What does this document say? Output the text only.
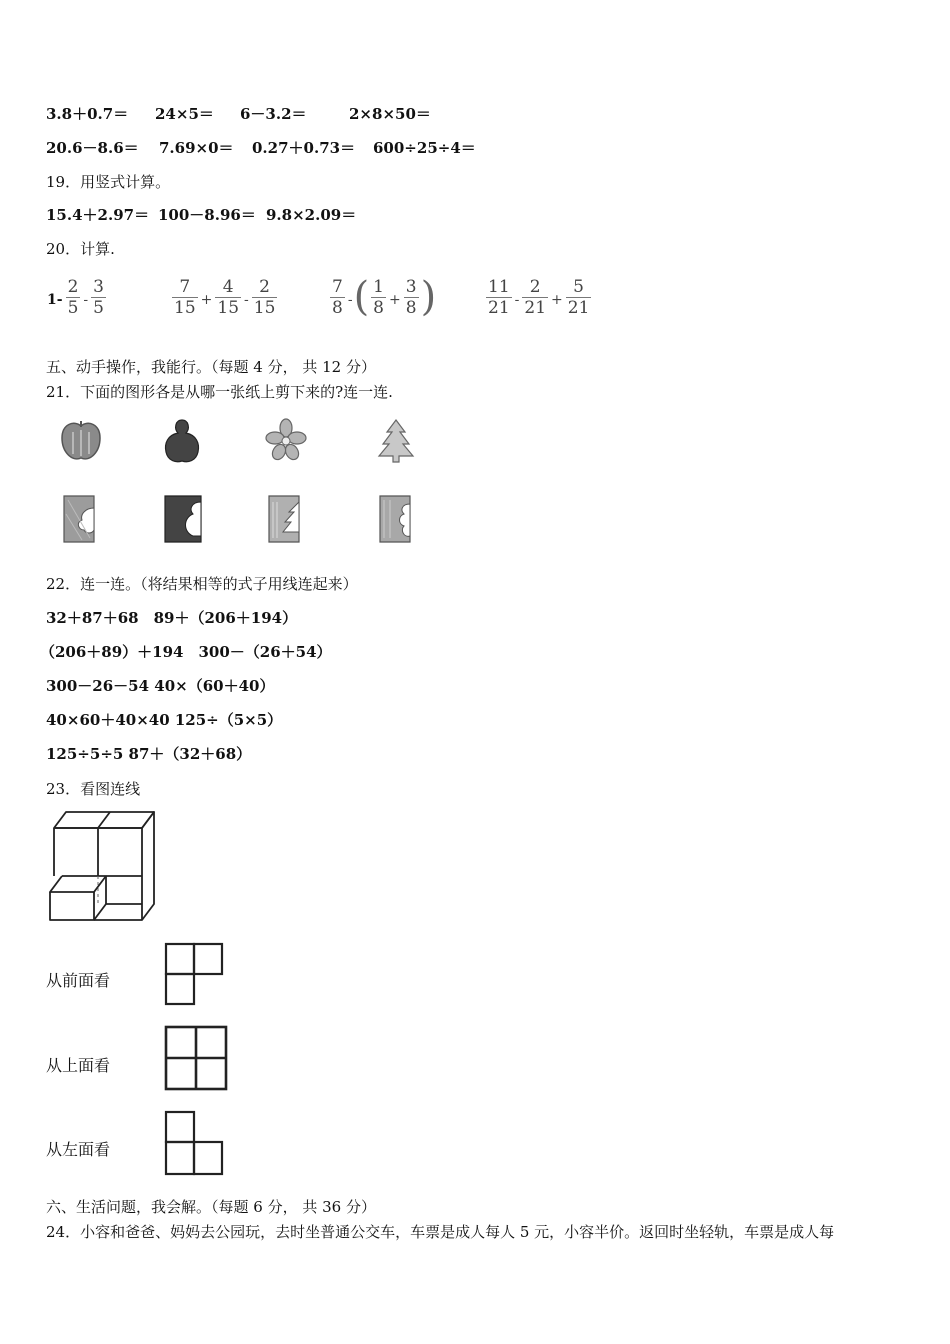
3.8＋0.7＝ 24×5＝ 6－3.2＝	2×8×50＝
20.6－8.6＝ 7.69×0＝ 0.27＋0.73＝ 600÷25÷4＝
19．用竖式计算。
15.4＋2.97＝ 100－8.96＝ 9.8×2.09＝
20．计算.
1-
2
5 -
3
5
7
$15 + \frac{4}{15}$ -
2
15
7
8 - ( 1
$8 + \frac{3}{8}$ )	11
21 -
2
$21 + \frac{5}{21}$
五、动手操作，我能行。（每题 4 分， 共 12 分）
21．下面的图形各是从哪一张纸上剪下来的?连一连.
22．连一连。（将结果相等的式子用线连起来）
32＋87＋68　89＋（206＋194）
（206＋89）＋194　300－（26＋54）
300－26－54 40×（60＋40）
40×60＋40×40 125÷（5×5）
125÷5÷5 87＋（32＋68）
23．看图连线
从前面看
从上面看
从左面看
六、生活问题，我会解。（每题 6 分， 共 36 分）
24．小容和爸爸、妈妈去公园玩，去时坐普通公交车，车票是成人每人 5 元，小容半价。返回时坐轻轨，车票是成人每
